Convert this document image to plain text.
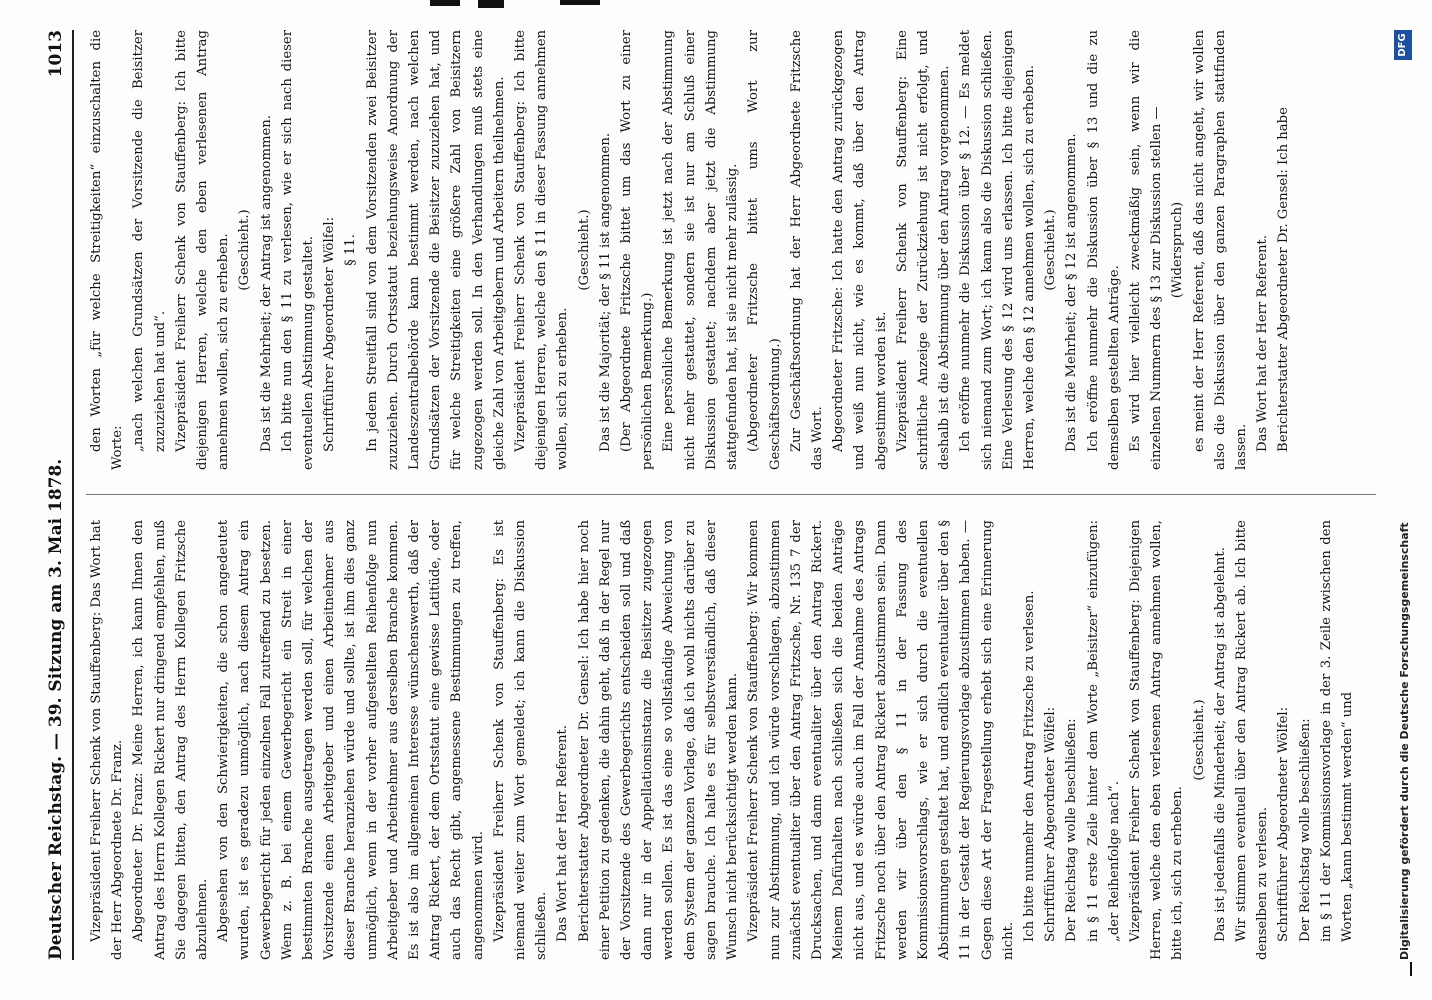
Deutscher Reichstag. — 39. Sitzung am 3. Mai 1878.
1013

Vizepräsident Freiherr Schenk von Stauffenberg: Das Wort hat der Herr Abgeordnete Dr. Franz. Abgeordneter Dr. Franz: Meine Herren, ich kann Ihnen den Antrag des Herrn Kollegen Rickert nur dringend empfehlen, muß Sie dagegen bitten, den Antrag des Herrn Kollegen Fritzsche abzulehnen. Abgesehen von den Schwierigkeiten, die schon angedeutet wurden, ist es geradezu unmöglich, nach diesem Antrag ein Gewerbegericht für jeden einzelnen Fall zutreffend zu besetzen. Wenn z. B. bei einem Gewerbegericht ein Streit in einer bestimmten Branche ausgetragen werden soll, für welchen der Vorsitzende einen Arbeitgeber und einen Arbeitnehmer aus dieser Branche heranziehen würde und sollte, ist ihm dies ganz unmöglich, wenn in der vorher aufgestellten Reihenfolge nun Arbeitgeber und Arbeitnehmer aus derselben Branche kommen. Es ist also im allgemeinen Interesse wünschenswerth, daß der Antrag Rickert, der dem Ortsstatut eine gewisse Latitüde, oder auch das Recht gibt, angemessene Bestimmungen zu treffen, angenommen wird. Vizepräsident Freiherr Schenk von Stauffenberg: Es ist niemand weiter zum Wort gemeldet; ich kann die Diskussion schließen. Das Wort hat der Herr Referent. Berichterstatter Abgeordneter Dr. Gensel: Ich habe hier noch einer Petition zu gedenken, die dahin geht, daß in der Regel nur der Vorsitzende des Gewerbegerichts entscheiden soll und daß dann nur in der Appellationsinstanz die Beisitzer zugezogen werden sollen. Es ist das eine so vollständige Abweichung von dem System der ganzen Vorlage, daß ich wohl nichts darüber zu sagen brauche. Ich halte es für selbstverständlich, daß dieser Wunsch nicht berücksichtigt werden kann. Vizepräsident Freiherr Schenk von Stauffenberg: Wir kommen nun zur Abstimmung, und ich würde vorschlagen, abzustimmen zunächst eventualiter über den Antrag Fritzsche, Nr. 135 7 der Drucksachen, und dann eventualiter über den Antrag Rickert. Meinem Dafürhalten nach schließen sich die beiden Anträge nicht aus, und es würde auch im Fall der Annahme des Antrags Fritzsche noch über den Antrag Rickert abzustimmen sein. Dann werden wir über den § 11 in der Fassung des Kommissionsvorschlags, wie er sich durch die eventuellen Abstimmungen gestaltet hat, und endlich eventualiter über den § 11 in der Gestalt der Regierungsvorlage abzustimmen haben. — Gegen diese Art der Fragestellung erhebt sich eine Erinnerung nicht. Ich bitte nunmehr den Antrag Fritzsche zu verlesen. Schriftführer Abgeordneter Wölfel: Der Reichstag wolle beschließen: in § 11 erste Zeile hinter dem Worte „Beisitzer“ einzufügen: „der Reihenfolge nach“. Vizepräsident Freiherr Schenk von Stauffenberg: Diejenigen Herren, welche den eben verlesenen Antrag annehmen wollen, bitte ich, sich zu erheben.

(Geschieht.) Das ist jedenfalls die Minderheit; der Antrag ist abgelehnt. Wir stimmen eventuell über den Antrag Rickert ab. Ich bitte denselben zu verlesen. Schriftführer Abgeordneter Wölfel: Der Reichstag wolle beschließen: im § 11 der Kommissionsvorlage in der 3. Zeile zwischen den Worten „kann bestimmt werden“ und

den Worten „für welche Streitigkeiten“ einzuschalten die Worte: „nach welchen Grundsätzen der Vorsitzende die Beisitzer zuzuziehen hat und“. Vizepräsident Freiherr Schenk von Stauffenberg: Ich bitte diejenigen Herren, welche den eben verlesenen Antrag annehmen wollen, sich zu erheben. (Geschieht.) Das ist die Mehrheit; der Antrag ist angenommen. Ich bitte nun den § 11 zu verlesen, wie er sich nach dieser eventuellen Abstimmung gestaltet. Schriftführer Abgeordneter Wölfel: § 11. In jedem Streitfall sind von dem Vorsitzenden zwei Beisitzer zuzuziehen. Durch Ortsstatut beziehungsweise Anordnung der Landeszentralbehörde kann bestimmt werden, nach welchen Grundsätzen der Vorsitzende die Beisitzer zuzuziehen hat, und für welche Streitigkeiten eine größere Zahl von Beisitzern zugezogen werden soll. In den Verhandlungen muß stets eine gleiche Zahl von Arbeitgebern und Arbeitern theilnehmen. Vizepräsident Freiherr Schenk von Stauffenberg: Ich bitte diejenigen Herren, welche den § 11 in dieser Fassung annehmen wollen, sich zu erheben.

(Geschieht.) Das ist die Majorität; der § 11 ist angenommen. (Der Abgeordnete Fritzsche bittet um das Wort zu einer persönlichen Bemerkung.) Eine persönliche Bemerkung ist jetzt nach der Abstimmung nicht mehr gestattet, sondern sie ist nur am Schluß einer Diskussion gestattet; nachdem aber jetzt die Abstimmung stattgefunden hat, ist sie nicht mehr zulässig. (Abgeordneter Fritzsche bittet ums Wort zur Geschäftsordnung.) Zur Geschäftsordnung hat der Herr Abgeordnete Fritzsche das Wort. Abgeordneter Fritzsche: Ich hatte den Antrag zurückgezogen und weiß nun nicht, wie es kommt, daß über den Antrag abgestimmt worden ist. Vizepräsident Freiherr Schenk von Stauffenberg: Eine schriftliche Anzeige der Zurückziehung ist nicht erfolgt, und deshalb ist die Abstimmung über den Antrag vorgenommen. Ich eröffne nunmehr die Diskussion über § 12. — Es meldet sich niemand zum Wort; ich kann also die Diskussion schließen. Eine Verlesung des § 12 wird uns erlassen. Ich bitte diejenigen Herren, welche den § 12 annehmen wollen, sich zu erheben. (Geschieht.) Das ist die Mehrheit; der § 12 ist angenommen. Ich eröffne nunmehr die Diskussion über § 13 und die zu demselben gestellten Anträge. Es wird hier vielleicht zweckmäßig sein, wenn wir die einzelnen Nummern des § 13 zur Diskussion stellen — (Widerspruch) es meint der Herr Referent, daß das nicht angeht, wir wollen also die Diskussion über den ganzen Paragraphen stattfinden lassen. Das Wort hat der Herr Referent. Berichterstatter Abgeordneter Dr. Gensel: Ich habe

Digitalisierung gefördert durch die Deutsche Forschungsgemeinschaft
DFG
